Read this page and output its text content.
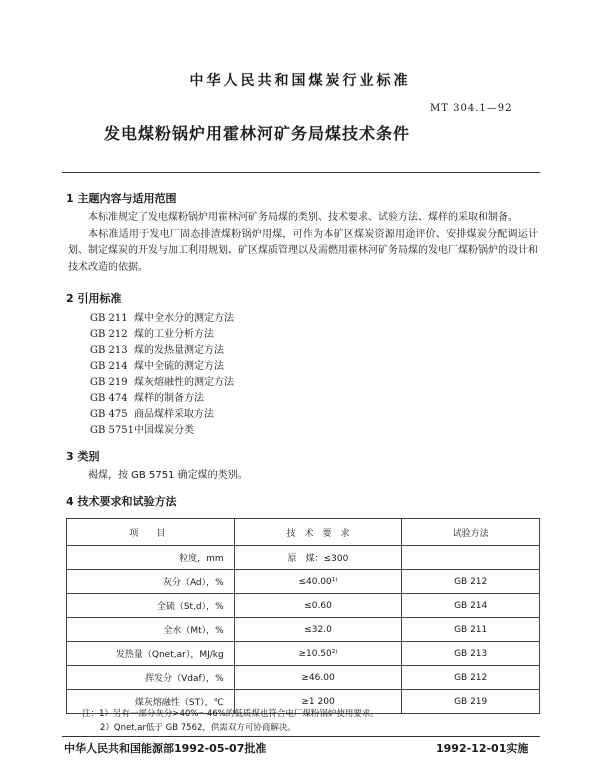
中华人民共和国煤炭行业标准
MT 304.1—92
发电煤粉锅炉用霍林河矿务局煤技术条件
1 主题内容与适用范围

本标准规定了发电煤粉锅炉用霍林河矿务局煤的类别、技术要求、试验方法、煤样的采取和制备。

本标准适用于发电厂固态排渣煤粉锅炉用煤，可作为本矿区煤炭资源用途评价、安排煤炭分配调运计划、制定煤炭的开发与加工利用规划、矿区煤质管理以及需燃用霍林河矿务局煤的发电厂煤粉锅炉的设计和技术改造的依据。

2 引用标准
GB 211 煤中全水分的测定方法
GB 212 煤的工业分析方法
GB 213 煤的发热量测定方法
GB 214 煤中全硫的测定方法
GB 219 煤灰熔融性的测定方法
GB 474 煤样的制备方法
GB 475 商品煤样采取方法
GB 5751中国煤炭分类
3 类别

褐煤，按 GB 5751 确定煤的类别。

4 技术要求和试验方法
项　　目	技　术　要　求	试验方法
粒度，mm	原　煤：≤300	
灰分（Ad），%	≤40.00¹⁾	GB 212
全硫（St,d），%	≤0.60	GB 214
全水（Mt），%	≤32.0	GB 211
发热量（Qnet,ar），MJ/kg	≥10.50²⁾	GB 213
挥发分（Vdaf），%	≥46.00	GB 212
煤灰熔融性（ST），℃	≥1 200	GB 219
注：1）另有一部分灰分>40%～46%的低质煤也符合电厂煤粉锅炉使用要求。
2）Qnet,ar低于 GB 7562，供需双方可协商解决。
中华人民共和国能源部1992-05-07批准	1992-12-01实施
